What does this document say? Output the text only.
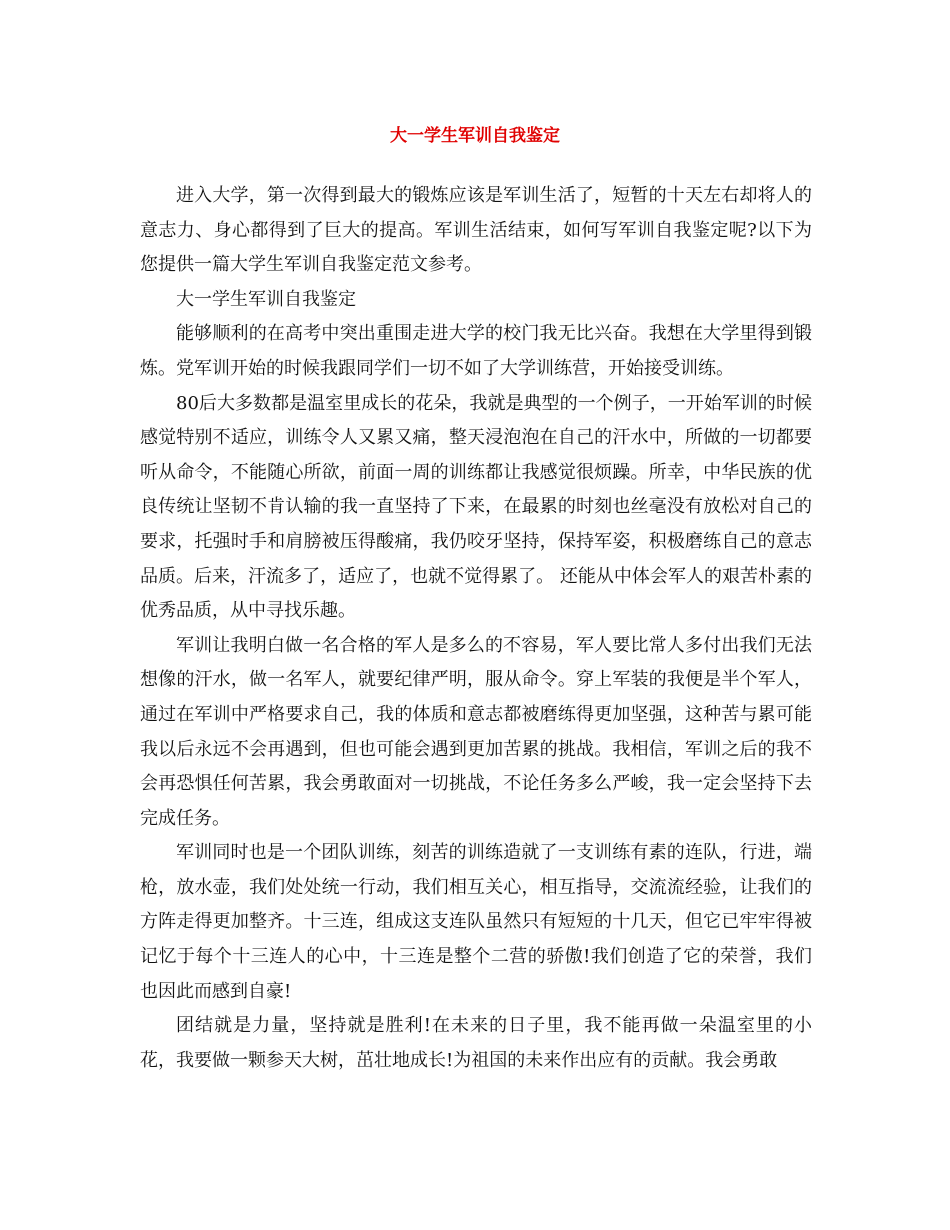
大一学生军训自我鉴定

进入大学，第一次得到最大的锻炼应该是军训生活了，短暂的十天左右却将人的意志力、身心都得到了巨大的提高。军训生活结束，如何写军训自我鉴定呢?以下为您提供一篇大学生军训自我鉴定范文参考。

大一学生军训自我鉴定

能够顺利的在高考中突出重围走进大学的校门我无比兴奋。我想在大学里得到锻炼。党军训开始的时候我跟同学们一切不如了大学训练营，开始接受训练。

80后大多数都是温室里成长的花朵，我就是典型的一个例子，一开始军训的时候感觉特别不适应，训练令人又累又痛，整天浸泡泡在自己的汗水中，所做的一切都要听从命令，不能随心所欲，前面一周的训练都让我感觉很烦躁。所幸，中华民族的优良传统让坚韧不肯认输的我一直坚持了下来，在最累的时刻也丝毫没有放松对自己的要求，托强时手和肩膀被压得酸痛，我仍咬牙坚持，保持军姿，积极磨练自己的意志品质。后来，汗流多了，适应了，也就不觉得累了。 还能从中体会军人的艰苦朴素的优秀品质，从中寻找乐趣。

军训让我明白做一名合格的军人是多么的不容易，军人要比常人多付出我们无法想像的汗水，做一名军人，就要纪律严明，服从命令。穿上军装的我便是半个军人，通过在军训中严格要求自己，我的体质和意志都被磨练得更加坚强，这种苦与累可能我以后永远不会再遇到，但也可能会遇到更加苦累的挑战。我相信，军训之后的我不会再恐惧任何苦累，我会勇敢面对一切挑战，不论任务多么严峻，我一定会坚持下去完成任务。

军训同时也是一个团队训练，刻苦的训练造就了一支训练有素的连队，行进，端枪，放水壶，我们处处统一行动，我们相互关心，相互指导，交流流经验，让我们的方阵走得更加整齐。十三连，组成这支连队虽然只有短短的十几天，但它已牢牢得被记忆于每个十三连人的心中，十三连是整个二营的骄傲!我们创造了它的荣誉，我们也因此而感到自豪!

团结就是力量，坚持就是胜利!在未来的日子里，我不能再做一朵温室里的小花，我要做一颗参天大树，茁壮地成长!为祖国的未来作出应有的贡献。我会勇敢
